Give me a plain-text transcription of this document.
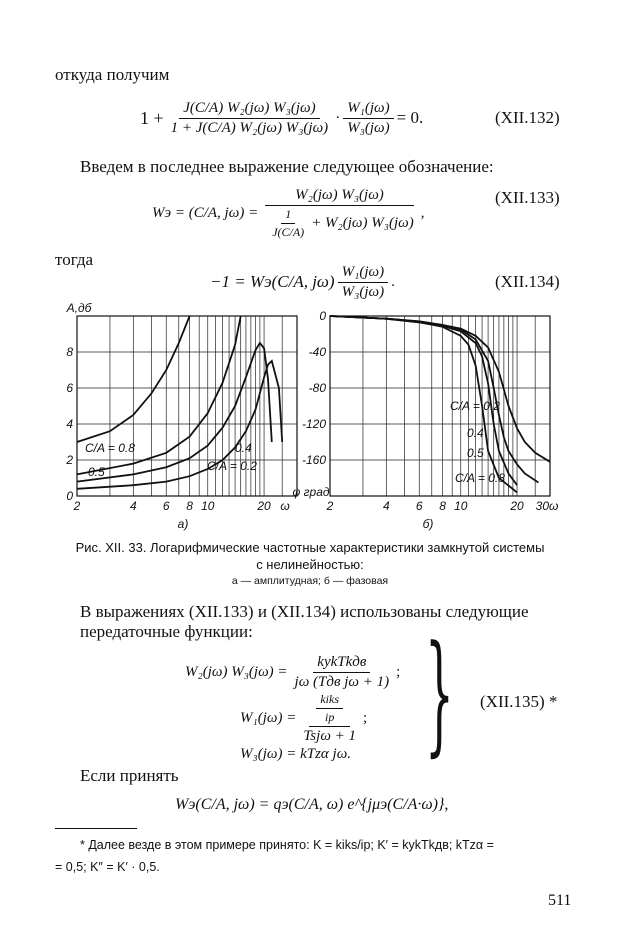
откуда получим
$1 + \frac{\text{J(C/A) W₂(jω) W₃(jω)}}{\text{1 + J(C/A) W₂(jω) W₃(jω)}} \cdot \frac{\text{W₁(jω)}}{\text{W₃(jω)}} = 0$.	(XII.132)
Введем в последнее выражение следующее обозначение:
Wэ = (C/A, $j\omega) = \frac{\text{W₂(jω) W₃(jω)}}{\frac{1}{J(C/A)} + W_2(j\omega) W_3(j\omega)}$ ,
(XII.133)
тогда
−1 = Wэ(C/A, $j\omega) \frac{\text{W₁(jω)}}{\text{W₃(jω)}}$ .	(XII.134)
0
2
4
6
8
2	4 6 8 10	20
A,дб
C/A = 0.8
0.5
0.4
C/A = 0.2
а)
ω
0
-40
-80
-120
-160
2	4 6 8 10	20
φ град
C/A = 0.2
0.4
0.5
C/A = 0.8
б)
30ω
Рис. XII. 33. Логарифмические частотные характеристики замкнутой системы
с нелинейностью:
а — амплитудная; б — фазовая
В выражениях (XII.133) и (XII.134) использованы следующие передаточные функции:
W₂(jω) $W_3(j\omega) = \frac{\text{kykTkдв}}{\text{jω (Tдв jω + 1)}}$ ;
$W_1(j\omega) = \frac{\frac{\text{kiks}}{ip}}{\text{Tsjω + 1}}$ ;
W₃(jω) = kTzα jω. } (XII.135) *
Если принять
Wэ(C/A, jω) = qэ(C/A, ω) e^{jμэ(C/A·ω)},
* Далее везде в этом примере принято: K = kiks/ip; K′ = kykTkдв; kTzα =
= 0,5; K″ = K′ · 0,5.
511
